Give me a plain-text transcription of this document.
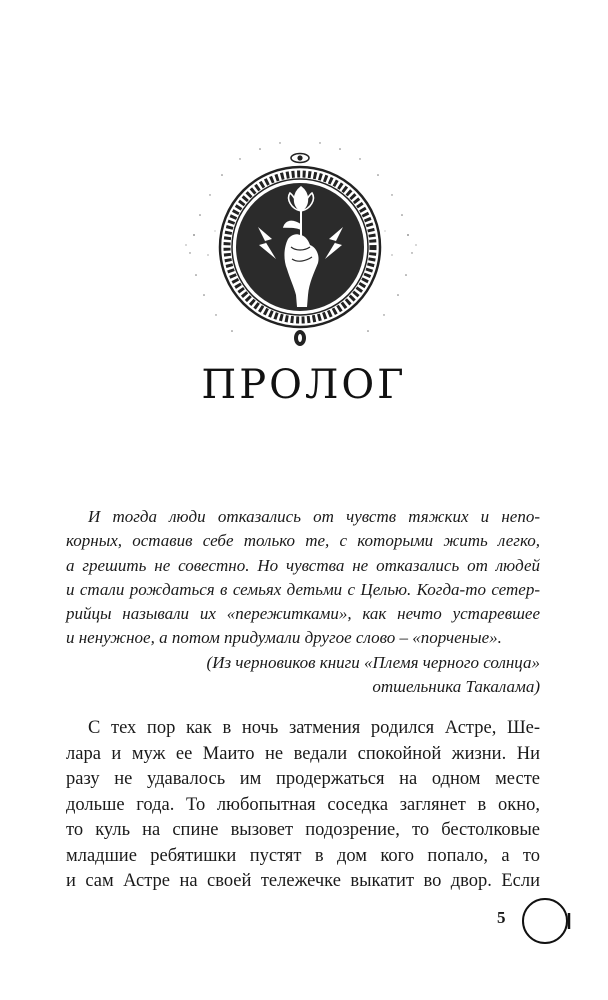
ПРОЛОГ
И тогда люди отказались от чувств тяжких и непо-
корных, оставив себе только те, с которыми жить легко,
а грешить не совестно. Но чувства не отказались от людей
и стали рождаться в семьях детьми с Целью. Когда-то сетер-
рийцы называли их «пережитками», как нечто устаревшее
и ненужное, а потом придумали другое слово – «порченые».
(Из черновиков книги «Племя черного солнца»
отшельника Такалама)
С тех пор как в ночь затмения родился Астре, Ше-
лара и муж ее Маито не ведали спокойной жизни. Ни
разу не удавалось им продержаться на одном месте
дольше года. То любопытная соседка заглянет в окно,
то куль на спине вызовет подозрение, то бестолковые
младшие ребятишки пустят в дом кого попало, а то
и сам Астре на своей тележечке выкатит во двор. Если
5
